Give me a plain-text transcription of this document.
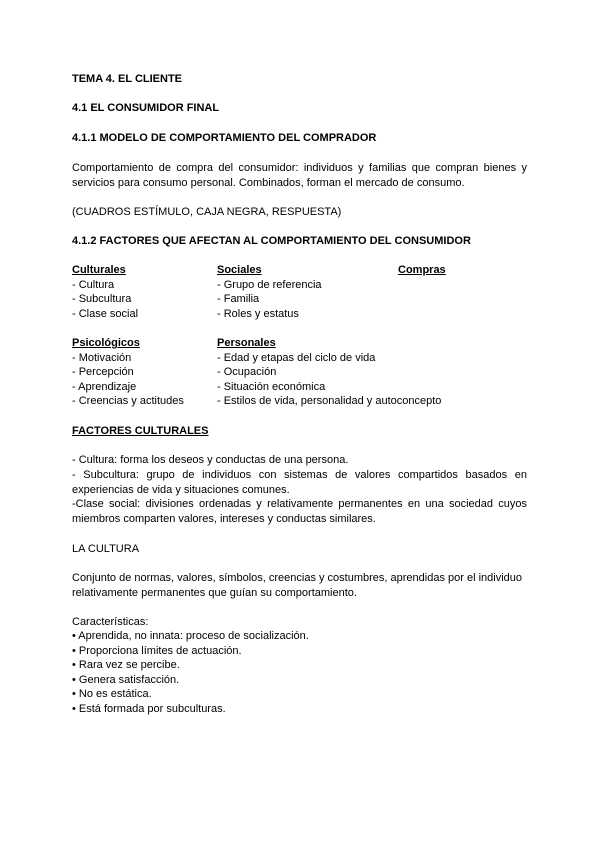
TEMA 4. EL CLIENTE

4.1 EL CONSUMIDOR FINAL

4.1.1 MODELO DE COMPORTAMIENTO DEL COMPRADOR

Comportamiento de compra del consumidor: individuos y familias que compran bienes y servicios para consumo personal. Combinados, forman el mercado de consumo.

(CUADROS ESTÍMULO, CAJA NEGRA, RESPUESTA)

4.1.2 FACTORES QUE AFECTAN AL COMPORTAMIENTO DEL CONSUMIDOR

Culturales
- Cultura
- Subcultura
- Clase social
Sociales
- Grupo de referencia
- Familia
- Roles y estatus
Compras
Psicológicos
- Motivación
- Percepción
- Aprendizaje
- Creencias y actitudes
Personales
- Edad y etapas del ciclo de vida
- Ocupación
- Situación económica
- Estilos de vida, personalidad y autoconcepto

FACTORES CULTURALES

- Cultura: forma los deseos y conductas de una persona.

- Subcultura: grupo de individuos con sistemas de valores compartidos basados en experiencias de vida y situaciones comunes.

-Clase social: divisiones ordenadas y relativamente permanentes en una sociedad cuyos miembros comparten valores, intereses y conductas similares.

LA CULTURA

Conjunto de normas, valores, símbolos, creencias y costumbres, aprendidas por el individuo relativamente permanentes que guían su comportamiento.

Características:

• Aprendida, no innata: proceso de socialización.
• Proporciona límites de actuación.
• Rara vez se percibe.
• Genera satisfacción.
• No es estática.
• Está formada por subculturas.
